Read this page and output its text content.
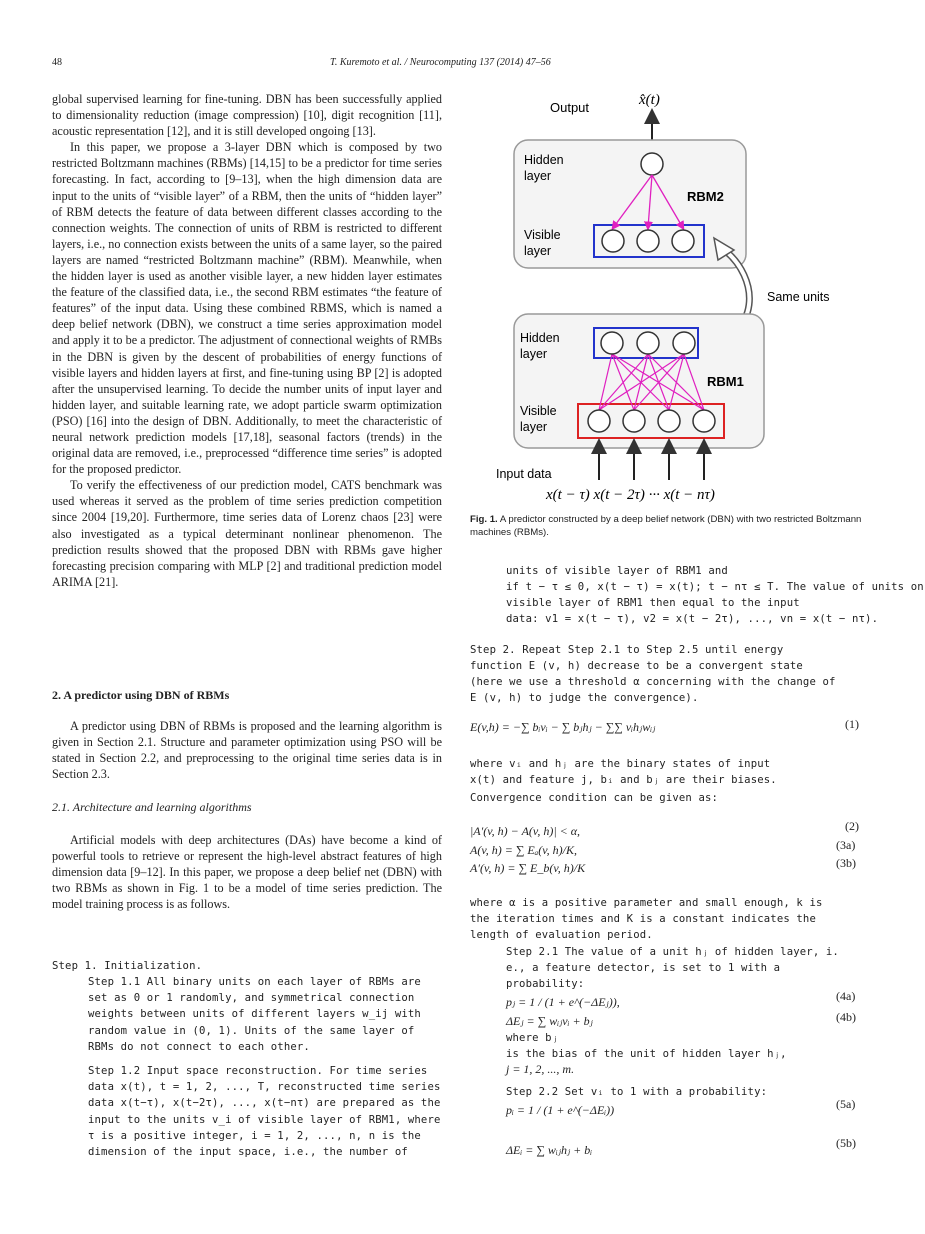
48	T. Kuremoto et al. / Neurocomputing 137 (2014) 47–56

global supervised learning for fine-tuning. DBN has been successfully applied to dimensionality reduction (image compression) [10], digit recognition [11], acoustic representation [12], and it is still developed ongoing [13].

In this paper, we propose a 3-layer DBN which is composed by two restricted Boltzmann machines (RBMs) [14,15] to be a predictor for time series forecasting. In fact, according to [9–13], when the high dimension data are input to the units of “visible layer” of a RBM, then the units of “hidden layer” of RBM detects the feature of data between different classes according to the connection weights. The connection of units of RBM is restricted to different layers, i.e., no connection exists between the units of a same layer, so the paired layers are named “restricted Boltzmann machine” (RBM). Meanwhile, when the hidden layer is used as another visible layer, a new hidden layer estimates the feature of the classified data, i.e., the second RBM estimates “the feature of features” of the input data. Using these combined RBMS, which is named a deep belief network (DBN), we construct a time series approximation model and apply it to be a predictor. The adjustment of connectional weights of RMBs in the DBN is given by the descent of probabilities of energy functions of visible layers and hidden layers at first, and fine-tuning using BP [2] is adopted after the unsupervised learning. To decide the number units of input layer and hidden layer, and suitable learning rate, we adopt particle swarm optimization (PSO) [16] into the design of DBN. Additionally, to meet the characteristic of neural network prediction models [17,18], seasonal factors (trends) in the original data are removed, i.e., preprocessed “difference time series” is adopted for the proposed predictor.

To verify the effectiveness of our prediction model, CATS benchmark was used whereas it served as the problem of time series prediction competition since 2004 [19,20]. Furthermore, time series data of Lorenz chaos [23] were also investigated as a typical determinant nonlinear phenomenon. The prediction results showed that the proposed DBN with RBMs gave higher forecasting precision comparing with MLP [2] and traditional prediction model ARIMA [21].

2. A predictor using DBN of RBMs

A predictor using DBN of RBMs is proposed and the learning algorithm is given in Section 2.1. Structure and parameter optimization using PSO will be stated in Section 2.2, and preprocessing to the original time series data is in Section 2.3.

2.1. Architecture and learning algorithms

Artificial models with deep architectures (DAs) have become a kind of powerful tools to retrieve or represent the high-level abstract features of high dimension data [9–12]. In this paper, we propose a deep belief net (DBN) with two RBMs as shown in Fig. 1 to be a model of time series prediction. The model training process is as follows.

Step 1. Initialization.
Step 1.1 All binary units on each layer of RBMs are set as 0 or 1 randomly, and symmetrical connection weights between units of different layers w_ij with random value in (0, 1). Units of the same layer of RBMs do not connect to each other.
Step 1.2 Input space reconstruction. For time series data x(t), t = 1, 2, ..., T, reconstructed time series data x(t−τ), x(t−2τ), ..., x(t−nτ) are prepared as the input to the units v_i of visible layer of RBM1, where τ is a positive integer, i = 1, 2, ..., n, n is the dimension of the input space, i.e., the number of
Output	x̂(t)
Hidden layer
Visible layer
RBM2
Same units
Hidden layer
Visible layer
RBM1
Input data
x(t − τ) x(t − 2τ) ··· x(t − nτ)
Fig. 1. A predictor constructed by a deep belief network (DBN) with two restricted Boltzmann machines (RBMs).
units of visible layer of RBM1 and
if t − τ ≤ 0, x(t − τ) = x(t); t − nτ ≤ T. The value of units on
visible layer of RBM1 then equal to the input
data: v1 = x(t − τ), v2 = x(t − 2τ), ..., vn = x(t − nτ).
Step 2. Repeat Step 2.1 to Step 2.5 until energy
function E (v, h) decrease to be a convergent state
(here we use a threshold α concerning with the change of
E (v, h) to judge the convergence).
E(v,h) = −∑ bᵢvᵢ − ∑ bⱼhⱼ − ∑∑ vᵢhⱼwᵢⱼ	(1)
where vᵢ and hⱼ are the binary states of input
x(t) and feature j, bᵢ and bⱼ are their biases.
Convergence condition can be given as:
|A′(v, h) − A(v, h)| < α,	(2)
A(v, h) = ∑ Eₐ(v, h)/K,	(3a)
A′(v, h) = ∑ E_b(v, h)/K	(3b)
where α is a positive parameter and small enough, k is
the iteration times and K is a constant indicates the
length of evaluation period.
Step 2.1 The value of a unit hⱼ of hidden layer, i.
e., a feature detector, is set to 1 with a
probability:
pⱼ = 1 / (1 + e^(−ΔEⱼ)),	(4a)
ΔEⱼ = ∑ wᵢⱼvᵢ + bⱼ	(4b)
where bⱼ
is the bias of the unit of hidden layer hⱼ,
j = 1, 2, ..., m.
Step 2.2 Set vᵢ to 1 with a probability:
pᵢ = 1 / (1 + e^(−ΔEᵢ))	(5a)
ΔEᵢ = ∑ wᵢⱼhⱼ + bᵢ	(5b)
